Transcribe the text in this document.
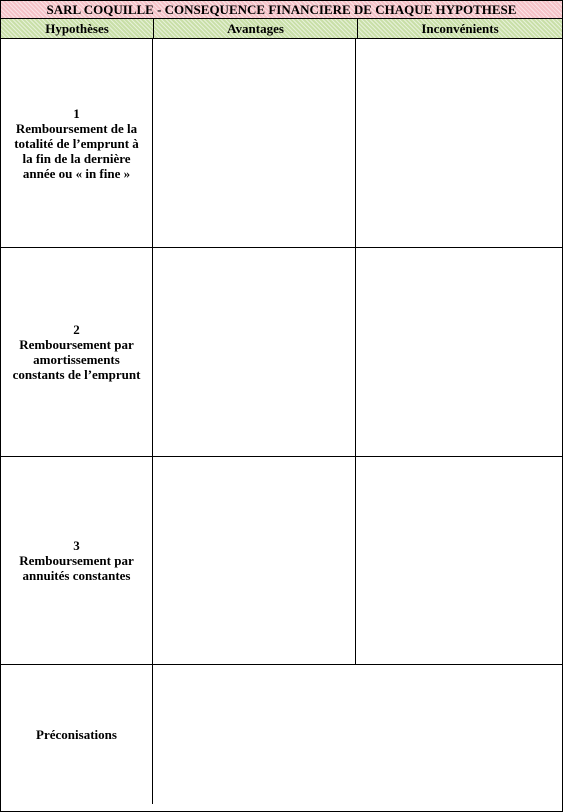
SARL COQUILLE - CONSEQUENCE FINANCIERE DE CHAQUE HYPOTHESE
Hypothèses	Avantages	Inconvénients
1
Remboursement de la
totalité de l’emprunt à
la fin de la dernière
année ou « in fine »
2
Remboursement par
amortissements
constants de l’emprunt
3
Remboursement par
annuités constantes
Préconisations
